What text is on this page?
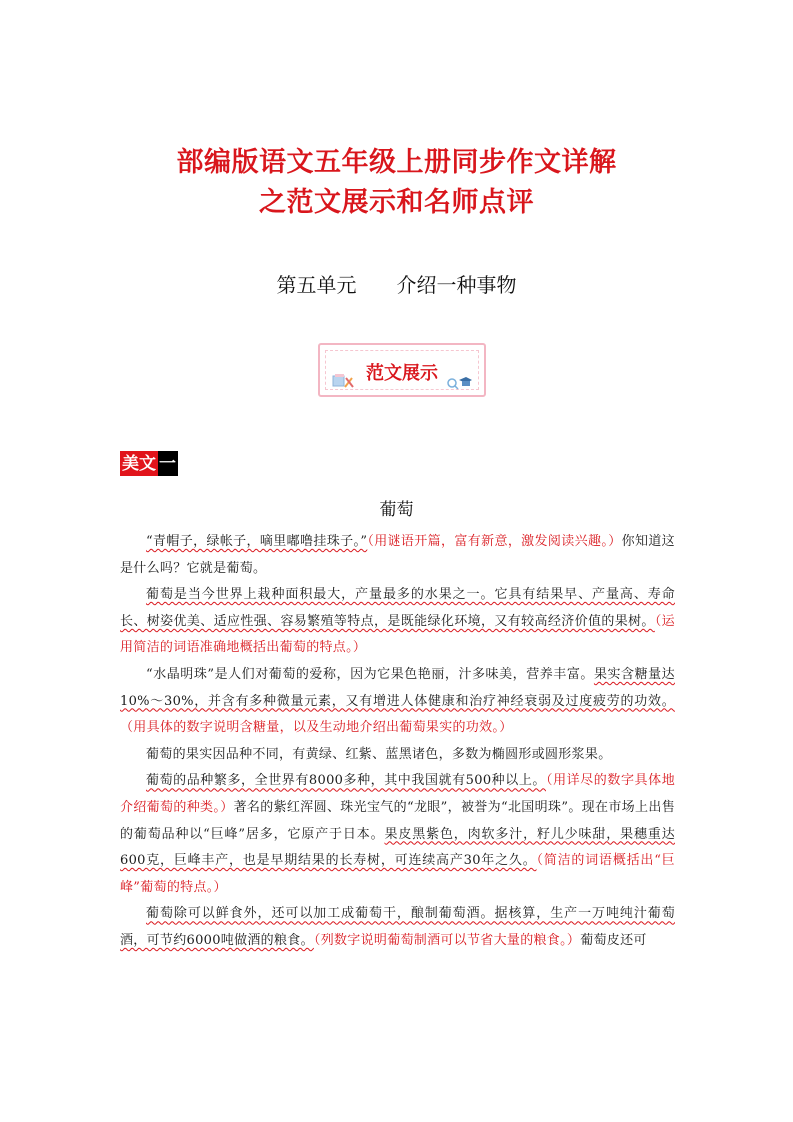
部编版语文五年级上册同步作文详解
之范文展示和名师点评
第五单元 介绍一种事物
范文展示
美文 一
葡萄

“青帽子，绿帐子，嘀里嘟噜挂珠子。”（用谜语开篇，富有新意，激发阅读兴趣。）你知道这是什么吗？它就是葡萄。

葡萄是当今世界上栽种面积最大，产量最多的水果之一。它具有结果早、产量高、寿命长、树姿优美、适应性强、容易繁殖等特点，是既能绿化环境，又有较高经济价值的果树。（运用简洁的词语准确地概括出葡萄的特点。）

“水晶明珠”是人们对葡萄的爱称，因为它果色艳丽，汁多味美，营养丰富。果实含糖量达10%～30%，并含有多种微量元素，又有增进人体健康和治疗神经衰弱及过度疲劳的功效。（用具体的数字说明含糖量，以及生动地介绍出葡萄果实的功效。）

葡萄的果实因品种不同，有黄绿、红紫、蓝黑诸色，多数为椭圆形或圆形浆果。

葡萄的品种繁多，全世界有8000多种，其中我国就有500种以上。（用详尽的数字具体地介绍葡萄的种类。）著名的紫红浑圆、珠光宝气的“龙眼”，被誉为“北国明珠”。现在市场上出售的葡萄品种以“巨峰”居多，它原产于日本。果皮黑紫色，肉软多汁，籽儿少味甜，果穗重达600克，巨峰丰产，也是早期结果的长寿树，可连续高产30年之久。（简洁的词语概括出“巨峰”葡萄的特点。）

葡萄除可以鲜食外，还可以加工成葡萄干，酿制葡萄酒。据核算，生产一万吨纯汁葡萄酒，可节约6000吨做酒的粮食。（列数字说明葡萄制酒可以节省大量的粮食。）葡萄皮还可
